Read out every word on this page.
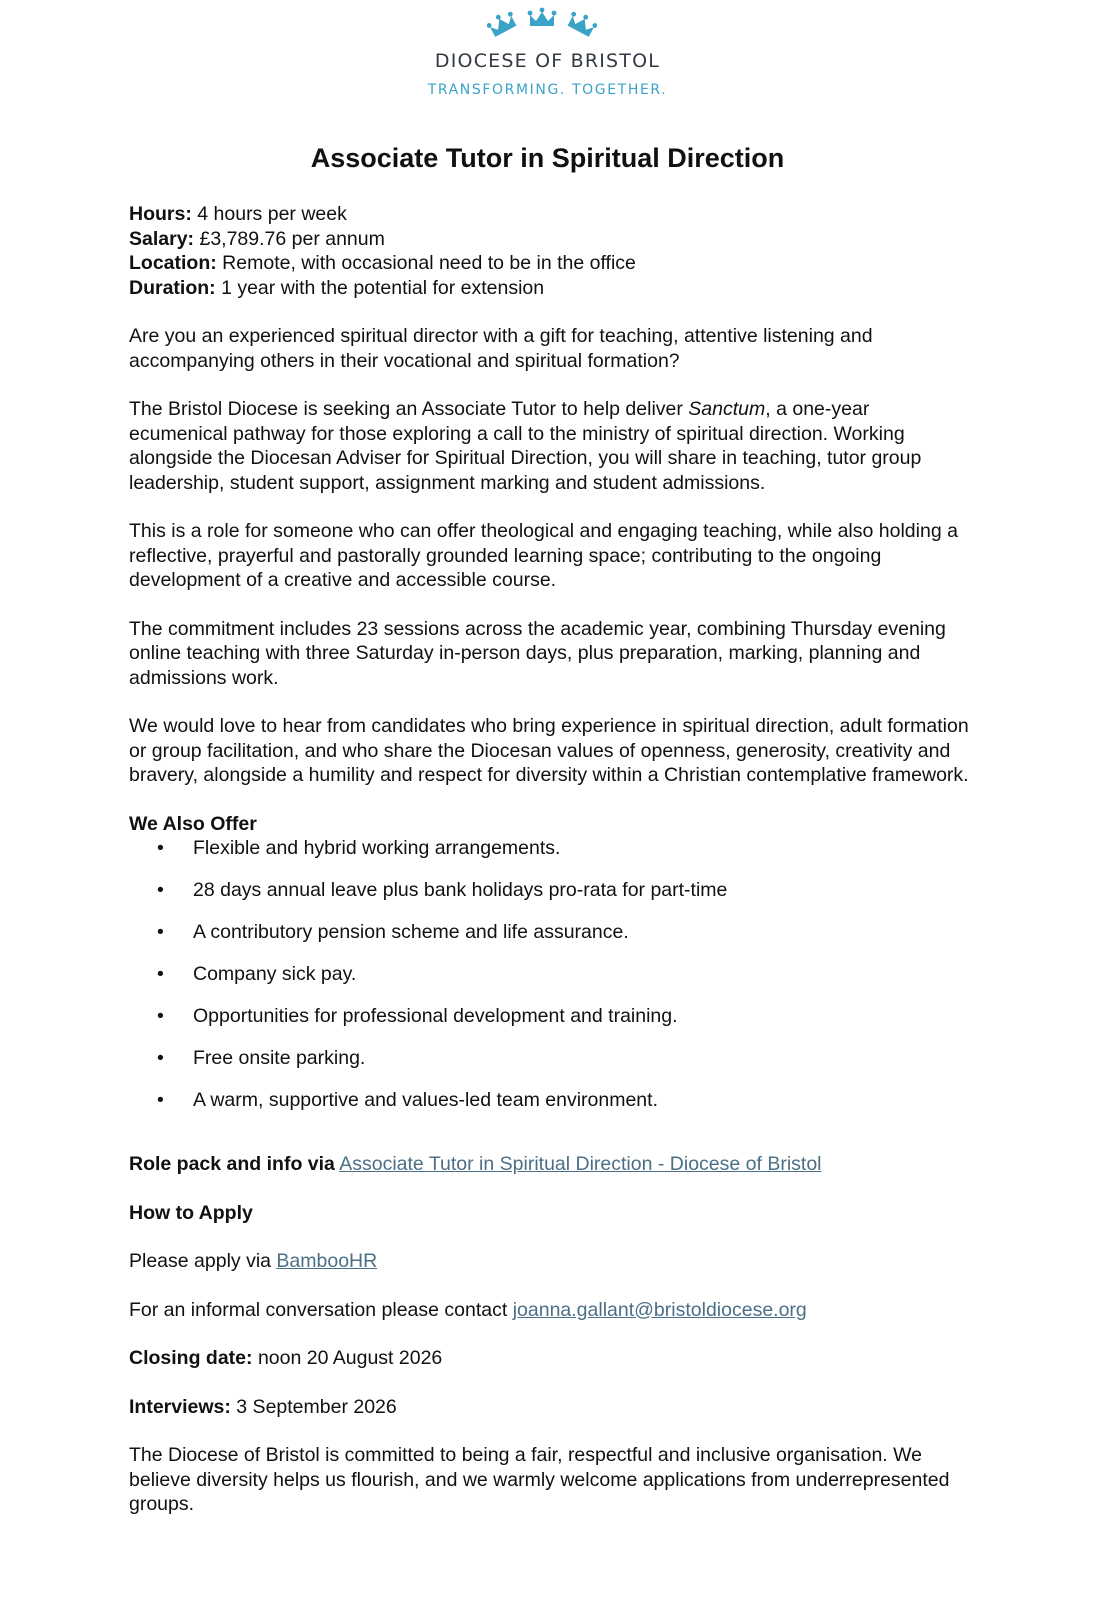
DIOCESE OF BRISTOL
TRANSFORMING. TOGETHER.
Associate Tutor in Spiritual Direction

Hours: 4 hours per week

Salary: £3,789.76 per annum

Location: Remote, with occasional need to be in the office

Duration: 1 year with the potential for extension

Are you an experienced spiritual director with a gift for teaching, attentive listening and accompanying others in their vocational and spiritual formation?

The Bristol Diocese is seeking an Associate Tutor to help deliver Sanctum, a one-year ecumenical pathway for those exploring a call to the ministry of spiritual direction. Working alongside the Diocesan Adviser for Spiritual Direction, you will share in teaching, tutor group leadership, student support, assignment marking and student admissions.

This is a role for someone who can offer theological and engaging teaching, while also holding a reflective, prayerful and pastorally grounded learning space; contributing to the ongoing development of a creative and accessible course.

The commitment includes 23 sessions across the academic year, combining Thursday evening online teaching with three Saturday in-person days, plus preparation, marking, planning and admissions work.

We would love to hear from candidates who bring experience in spiritual direction, adult formation or group facilitation, and who share the Diocesan values of openness, generosity, creativity and bravery, alongside a humility and respect for diversity within a Christian contemplative framework.

We Also Offer

• Flexible and hybrid working arrangements.
• 28 days annual leave plus bank holidays pro-rata for part-time
• A contributory pension scheme and life assurance.
• Company sick pay.
• Opportunities for professional development and training.
• Free onsite parking.
• A warm, supportive and values-led team environment.

Role pack and info via Associate Tutor in Spiritual Direction - Diocese of Bristol

How to Apply

Please apply via BambooHR

For an informal conversation please contact joanna.gallant@bristoldiocese.org

Closing date: noon 20 August 2026

Interviews: 3 September 2026

The Diocese of Bristol is committed to being a fair, respectful and inclusive organisation. We believe diversity helps us flourish, and we warmly welcome applications from underrepresented groups.
